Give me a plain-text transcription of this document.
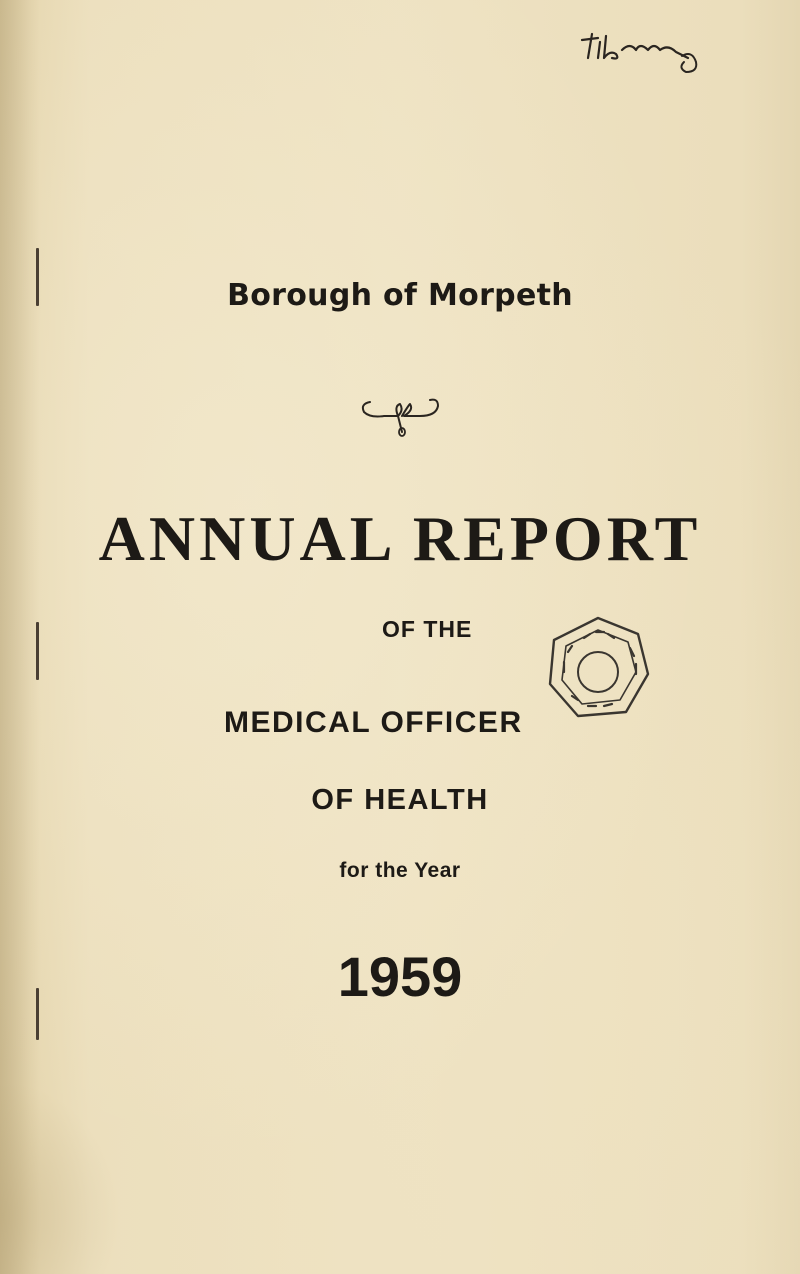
Borough of Morpeth
ANNUAL REPORT
OF THE
MEDICAL OFFICER
OF HEALTH
for the Year
1959
